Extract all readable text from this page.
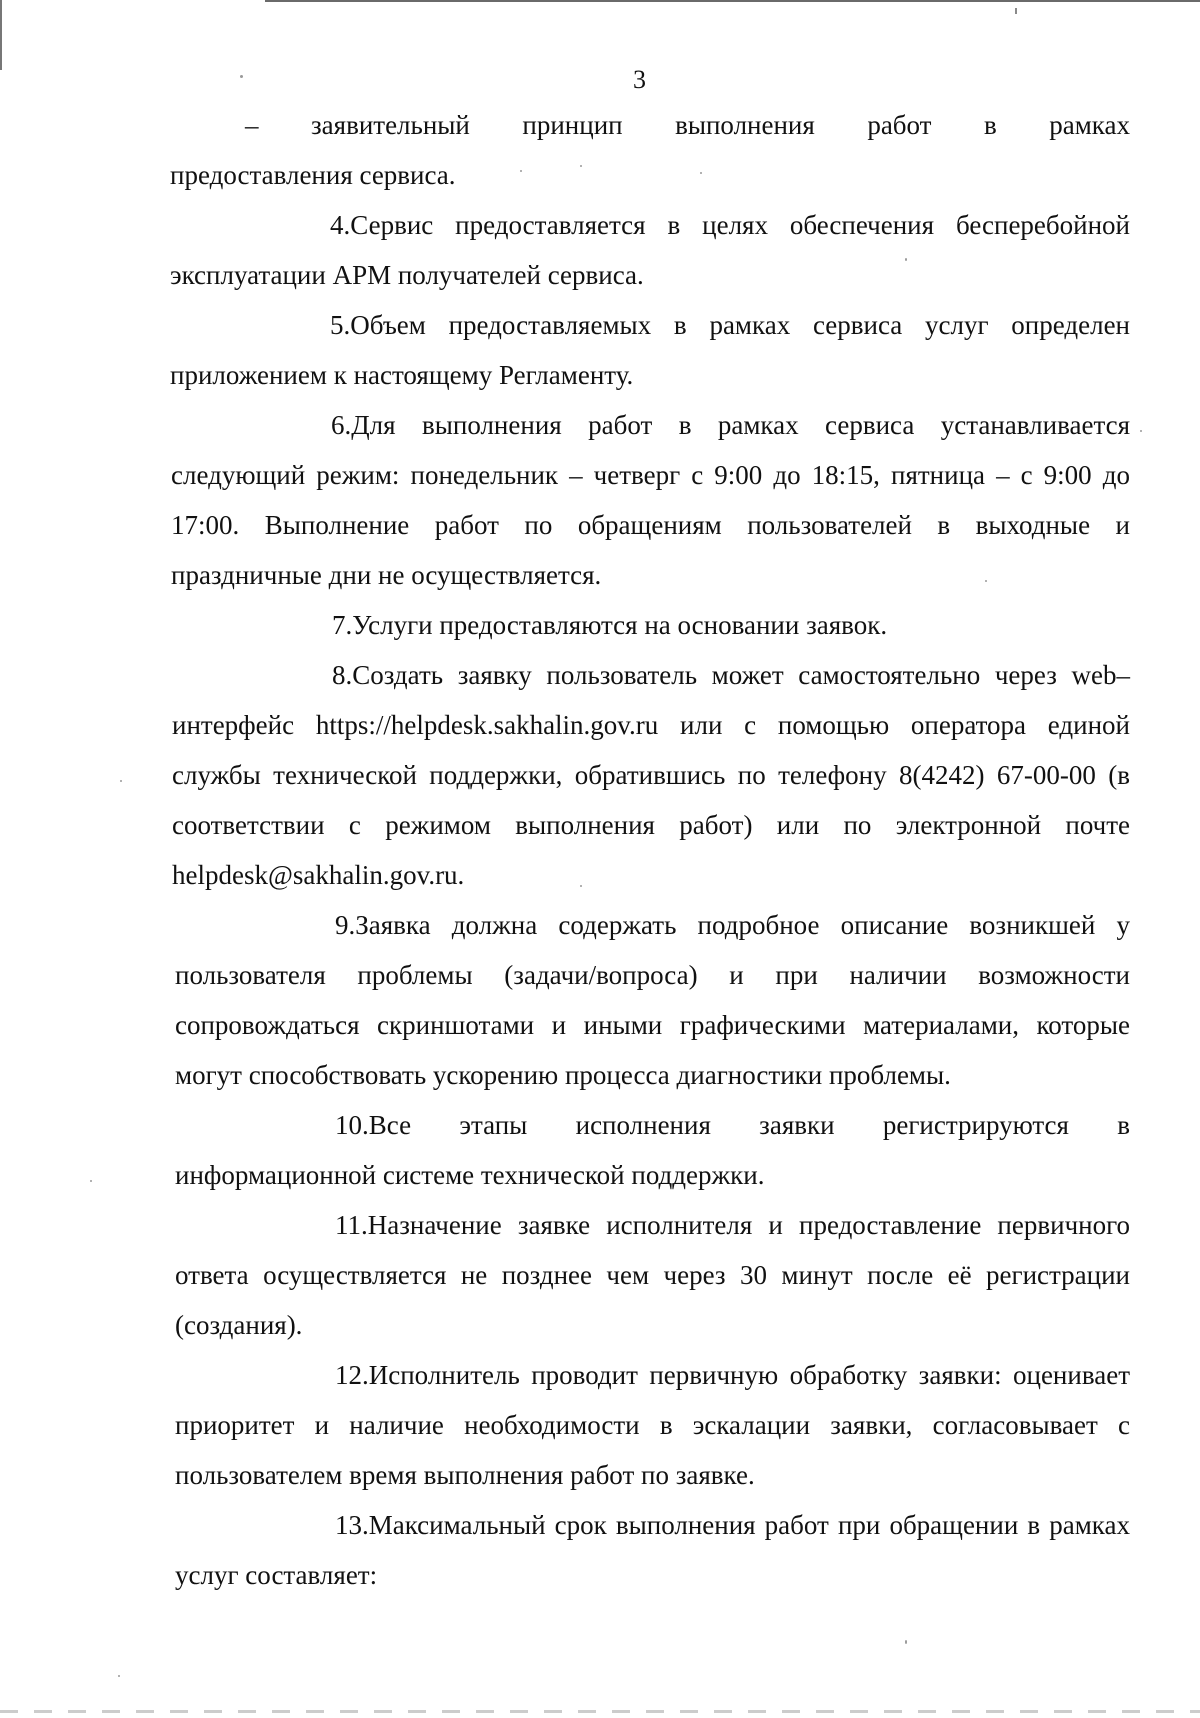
3

– заявительный принцип выполнения работ в рамках

предоставления сервиса.

4.Сервис предоставляется в целях обеспечения бесперебойной эксплуатации АРМ получателей сервиса.

5.Объем предоставляемых в рамках сервиса услуг определен приложением к настоящему Регламенту.

6.Для выполнения работ в рамках сервиса устанавливается следующий режим: понедельник – четверг с 9:00 до 18:15, пятница – с 9:00 до 17:00. Выполнение работ по обращениям пользователей в выходные и праздничные дни не осуществляется.

7.Услуги предоставляются на основании заявок.

8.Создать заявку пользователь может самостоятельно через web–интерфейс https://helpdesk.sakhalin.gov.ru или с помощью оператора единой службы технической поддержки, обратившись по телефону 8(4242) 67-00-00 (в соответствии с режимом выполнения работ) или по электронной почте helpdesk@sakhalin.gov.ru.

9.Заявка должна содержать подробное описание возникшей у пользователя проблемы (задачи/вопроса) и при наличии возможности сопровождаться скриншотами и иными графическими материалами, которые могут способствовать ускорению процесса диагностики проблемы.

10.Все этапы исполнения заявки регистрируются в информационной системе технической поддержки.

11.Назначение заявке исполнителя и предоставление первичного ответа осуществляется не позднее чем через 30 минут после её регистрации (создания).

12.Исполнитель проводит первичную обработку заявки: оценивает приоритет и наличие необходимости в эскалации заявки, согласовывает с пользователем время выполнения работ по заявке.

13.Максимальный срок выполнения работ при обращении в рамках услуг составляет:
